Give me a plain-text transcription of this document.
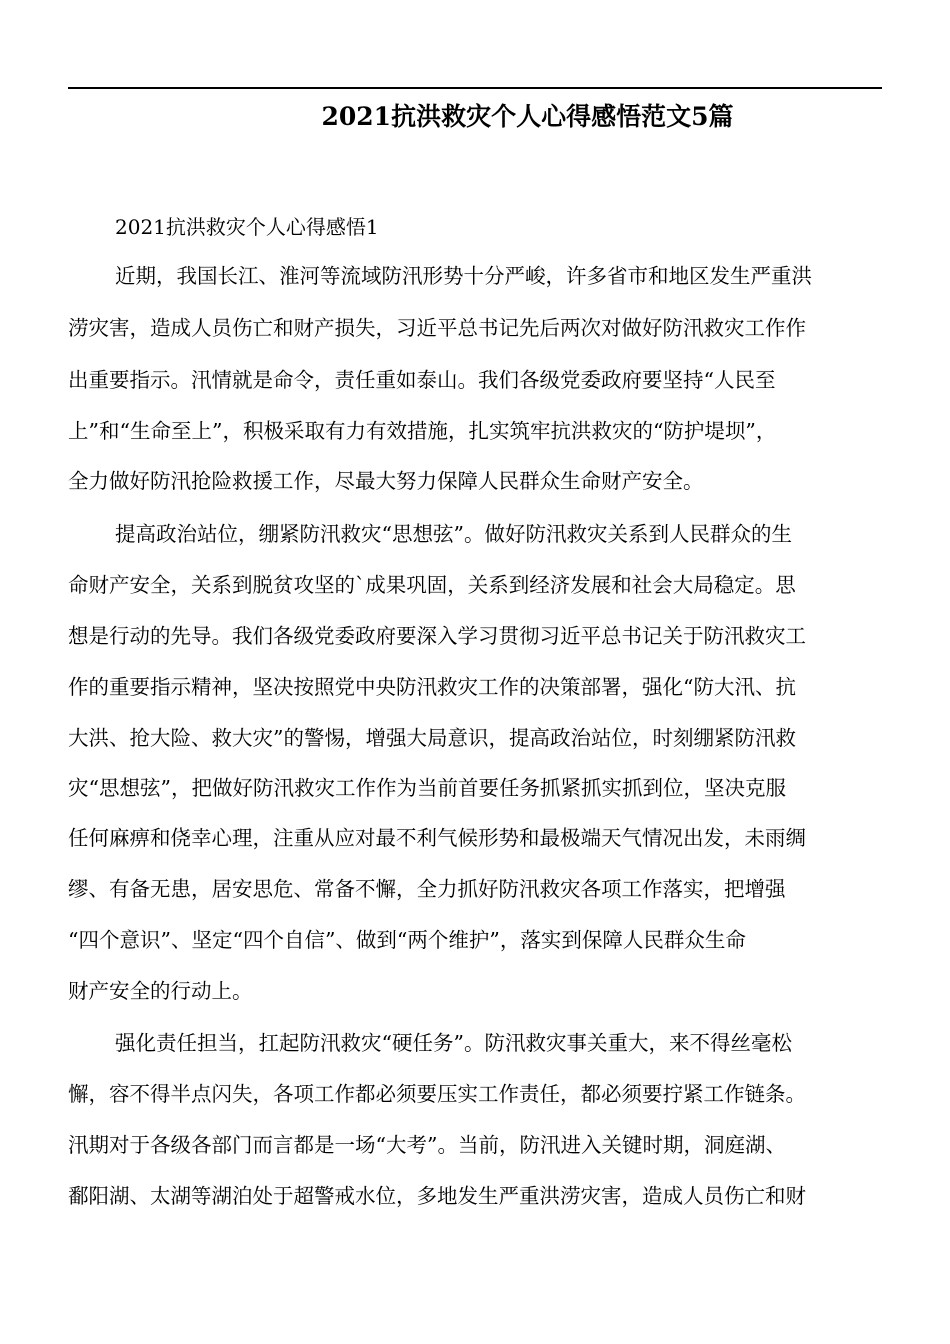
2021抗洪救灾个人心得感悟范文5篇

2021抗洪救灾个人心得感悟1

近期，我国长江、淮河等流域防汛形势十分严峻，许多省市和地区发生严重洪

涝灾害，造成人员伤亡和财产损失，习近平总书记先后两次对做好防汛救灾工作作

出重要指示。汛情就是命令，责任重如泰山。我们各级党委政府要坚持“人民至

上”和“生命至上”，积极采取有力有效措施，扎实筑牢抗洪救灾的“防护堤坝”，

全力做好防汛抢险救援工作，尽最大努力保障人民群众生命财产安全。

提高政治站位，绷紧防汛救灾“思想弦”。做好防汛救灾关系到人民群众的生

命财产安全，关系到脱贫攻坚的`成果巩固，关系到经济发展和社会大局稳定。思

想是行动的先导。我们各级党委政府要深入学习贯彻习近平总书记关于防汛救灾工

作的重要指示精神，坚决按照党中央防汛救灾工作的决策部署，强化“防大汛、抗

大洪、抢大险、救大灾”的警惕，增强大局意识，提高政治站位，时刻绷紧防汛救

灾“思想弦”，把做好防汛救灾工作作为当前首要任务抓紧抓实抓到位，坚决克服

任何麻痹和侥幸心理，注重从应对最不利气候形势和最极端天气情况出发，未雨绸

缪、有备无患，居安思危、常备不懈，全力抓好防汛救灾各项工作落实，把增强

“四个意识”、坚定“四个自信”、做到“两个维护”，落实到保障人民群众生命

财产安全的行动上。

强化责任担当，扛起防汛救灾“硬任务”。防汛救灾事关重大，来不得丝毫松

懈，容不得半点闪失，各项工作都必须要压实工作责任，都必须要拧紧工作链条。

汛期对于各级各部门而言都是一场“大考”。当前，防汛进入关键时期，洞庭湖、

鄱阳湖、太湖等湖泊处于超警戒水位，多地发生严重洪涝灾害，造成人员伤亡和财
